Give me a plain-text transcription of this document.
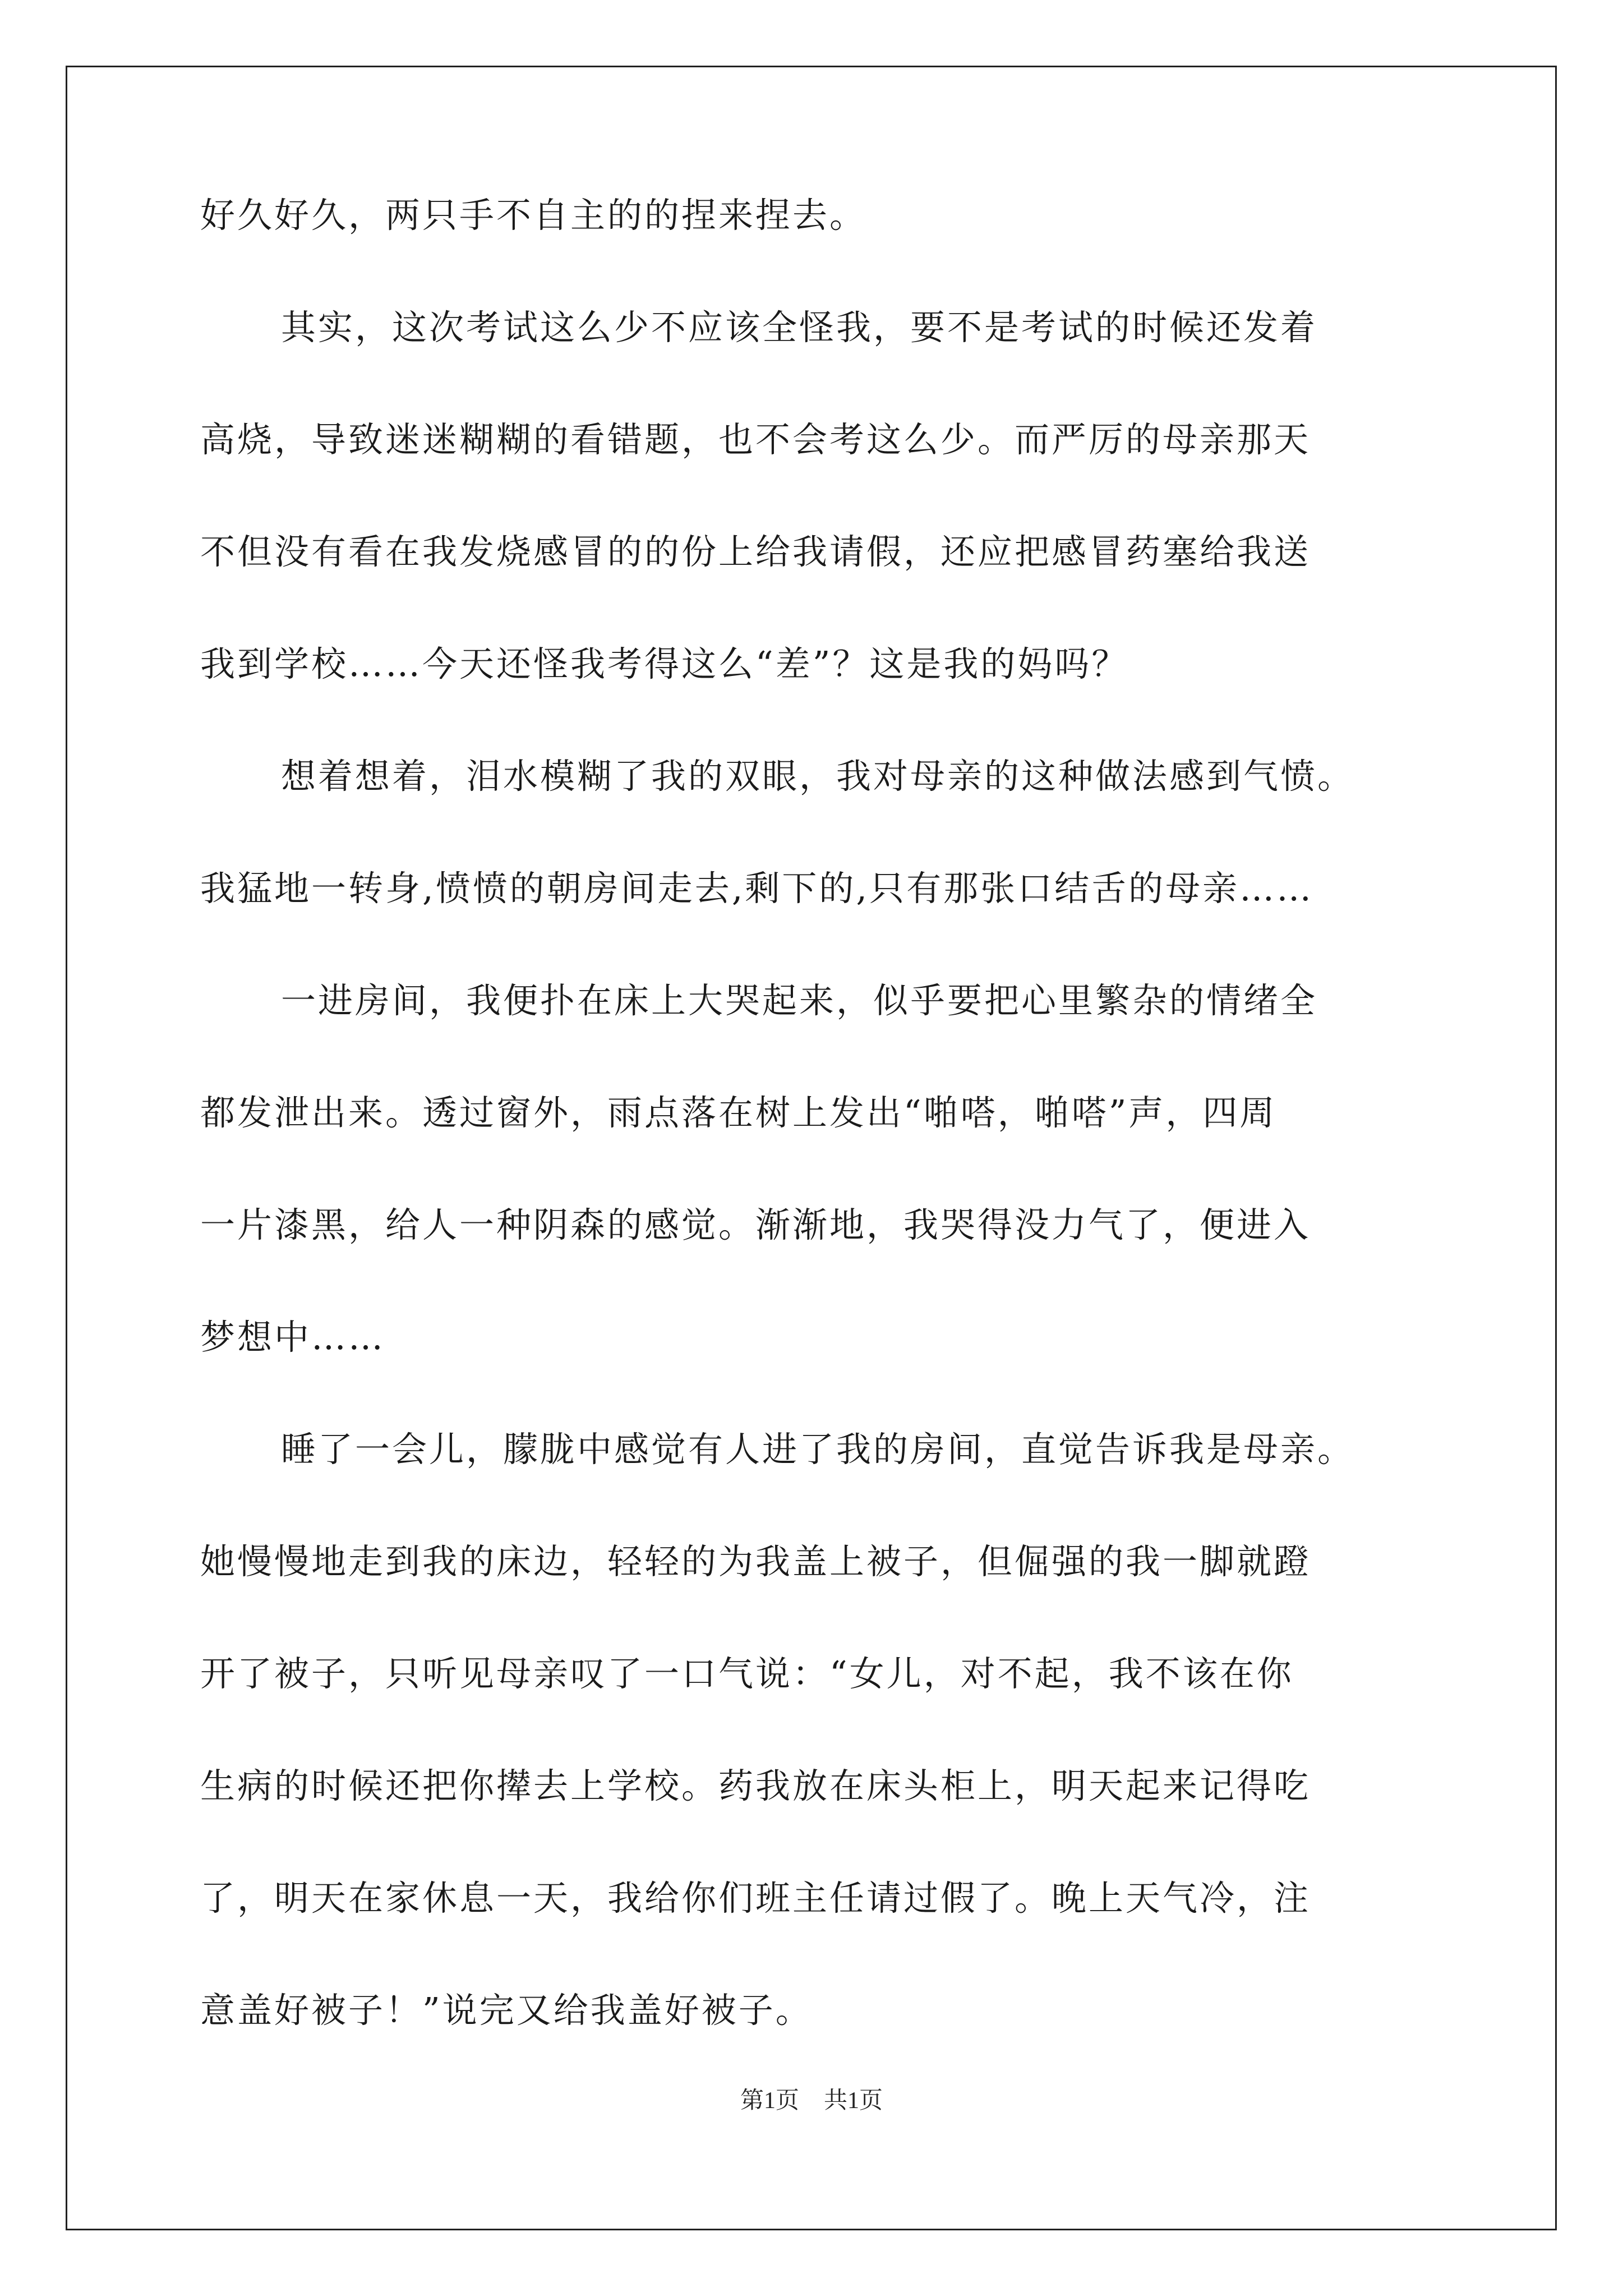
好久好久，两只手不自主的的捏来捏去。
其实，这次考试这么少不应该全怪我，要不是考试的时候还发着
高烧，导致迷迷糊糊的看错题，也不会考这么少。而严厉的母亲那天
不但没有看在我发烧感冒的的份上给我请假，还应把感冒药塞给我送
我到学校……今天还怪我考得这么“差”？这是我的妈吗？
想着想着，泪水模糊了我的双眼，我对母亲的这种做法感到气愤。
我猛地一转身,愤愤的朝房间走去,剩下的,只有那张口结舌的母亲……
一进房间，我便扑在床上大哭起来，似乎要把心里繁杂的情绪全
都发泄出来。透过窗外，雨点落在树上发出“啪嗒，啪嗒”声，四周
一片漆黑，给人一种阴森的感觉。渐渐地，我哭得没力气了，便进入
梦想中……
睡了一会儿，朦胧中感觉有人进了我的房间，直觉告诉我是母亲。
她慢慢地走到我的床边，轻轻的为我盖上被子，但倔强的我一脚就蹬
开了被子，只听见母亲叹了一口气说：“女儿，对不起，我不该在你
生病的时候还把你撵去上学校。药我放在床头柜上，明天起来记得吃
了，明天在家休息一天，我给你们班主任请过假了。晚上天气冷，注
意盖好被子！”说完又给我盖好被子。
第1页 共1页
